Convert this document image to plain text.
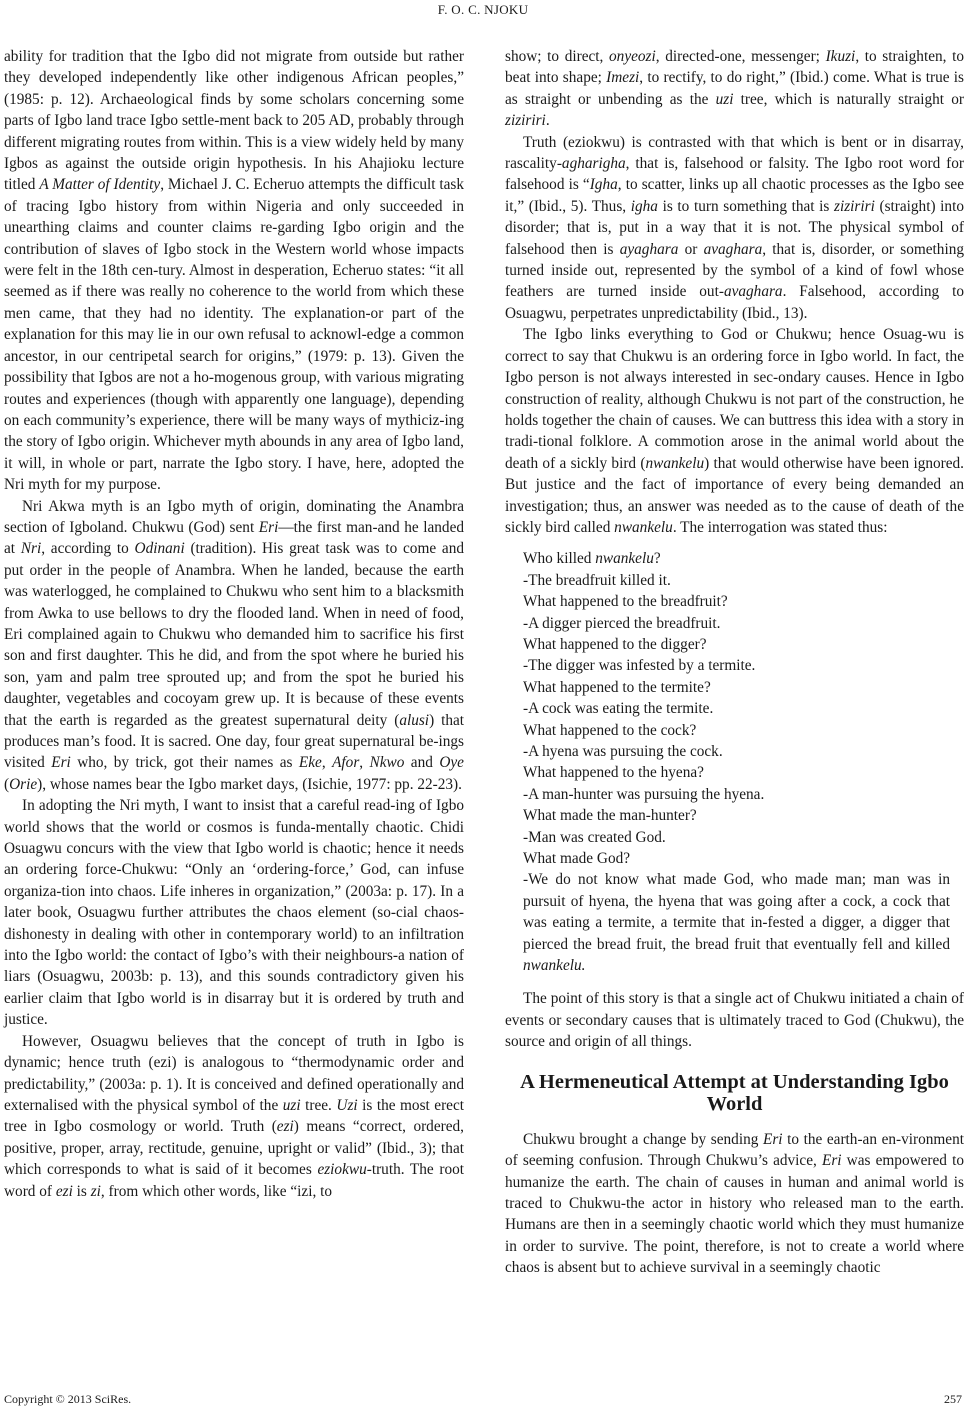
F. O. C. NJOKU

ability for tradition that the Igbo did not migrate from outside but rather they developed independently like other indigenous African peoples,” (1985: p. 12). Archaeological finds by some scholars concerning some parts of Igbo land trace Igbo settle-ment back to 205 AD, probably through different migrating routes from within. This is a view widely held by many Igbos as against the outside origin hypothesis. In his Ahajioku lecture titled A Matter of Identity, Michael J. C. Echeruo attempts the difficult task of tracing Igbo history from within Nigeria and only succeeded in unearthing claims and counter claims re-garding Igbo origin and the contribution of slaves of Igbo stock in the Western world whose impacts were felt in the 18th cen-tury. Almost in desperation, Echeruo states: “it all seemed as if there was really no coherence to the world from which these men came, that they had no identity. The explanation-or part of the explanation for this may lie in our own refusal to acknowl-edge a common ancestor, in our centripetal search for origins,” (1979: p. 13). Given the possibility that Igbos are not a ho-mogenous group, with various migrating routes and experiences (though with apparently one language), depending on each community’s experience, there will be many ways of mythiciz-ing the story of Igbo origin. Whichever myth abounds in any area of Igbo land, it will, in whole or part, narrate the Igbo story. I have, here, adopted the Nri myth for my purpose.

Nri Akwa myth is an Igbo myth of origin, dominating the Anambra section of Igboland. Chukwu (God) sent Eri—the first man-and he landed at Nri, according to Odinani (tradition). His great task was to come and put order in the people of Anambra. When he landed, because the earth was waterlogged, he complained to Chukwu who sent him to a blacksmith from Awka to use bellows to dry the flooded land. When in need of food, Eri complained again to Chukwu who demanded him to sacrifice his first son and first daughter. This he did, and from the spot where he buried his son, yam and palm tree sprouted up; and from the spot he buried his daughter, vegetables and cocoyam grew up. It is because of these events that the earth is regarded as the greatest supernatural deity (alusi) that produces man’s food. It is sacred. One day, four great supernatural be-ings visited Eri who, by trick, got their names as Eke, Afor, Nkwo and Oye (Orie), whose names bear the Igbo market days, (Isichie, 1977: pp. 22-23).

In adopting the Nri myth, I want to insist that a careful read-ing of Igbo world shows that the world or cosmos is funda-mentally chaotic. Chidi Osuagwu concurs with the view that Igbo world is chaotic; hence it needs an ordering force-Chukwu: “Only an ‘ordering-force,’ God, can infuse organiza-tion into chaos. Life inheres in organization,” (2003a: p. 17). In a later book, Osuagwu further attributes the chaos element (so-cial chaos-dishonesty in dealing with other in contemporary world) to an infiltration into the Igbo world: the contact of Igbo’s with their neighbours-a nation of liars (Osuagwu, 2003b: p. 13), and this sounds contradictory given his earlier claim that Igbo world is in disarray but it is ordered by truth and justice.

However, Osuagwu believes that the concept of truth in Igbo is dynamic; hence truth (ezi) is analogous to “thermodynamic order and predictability,” (2003a: p. 1). It is conceived and defined operationally and externalised with the physical symbol of the uzi tree. Uzi is the most erect tree in Igbo cosmology or world. Truth (ezi) means “correct, ordered, positive, proper, array, rectitude, genuine, upright or valid” (Ibid., 3); that which corresponds to what is said of it becomes eziokwu-truth. The root word of ezi is zi, from which other words, like “izi, to

show; to direct, onyeozi, directed-one, messenger; Ikuzi, to straighten, to beat into shape; Imezi, to rectify, to do right,” (Ibid.) come. What is true is as straight or unbending as the uzi tree, which is naturally straight or ziziriri.

Truth (eziokwu) is contrasted with that which is bent or in disarray, rascality-agharigha, that is, falsehood or falsity. The Igbo root word for falsehood is “Igha, to scatter, links up all chaotic processes as the Igbo see it,” (Ibid., 5). Thus, igha is to turn something that is ziziriri (straight) into disorder; that is, put in a way that it is not. The physical symbol of falsehood then is ayaghara or avaghara, that is, disorder, or something turned inside out, represented by the symbol of a kind of fowl whose feathers are turned inside out-avaghara. Falsehood, according to Osuagwu, perpetrates unpredictability (Ibid., 13).

The Igbo links everything to God or Chukwu; hence Osuag-wu is correct to say that Chukwu is an ordering force in Igbo world. In fact, the Igbo person is not always interested in sec-ondary causes. Hence in Igbo construction of reality, although Chukwu is not part of the construction, he holds together the chain of causes. We can buttress this idea with a story in tradi-tional folklore. A commotion arose in the animal world about the death of a sickly bird (nwankelu) that would otherwise have been ignored. But justice and the fact of importance of every being demanded an investigation; thus, an answer was needed as to the cause of death of the sickly bird called nwankelu. The interrogation was stated thus:

Who killed nwankelu?

-The breadfruit killed it.

What happened to the breadfruit?

-A digger pierced the breadfruit.

What happened to the digger?

-The digger was infested by a termite.

What happened to the termite?

-A cock was eating the termite.

What happened to the cock?

-A hyena was pursuing the cock.

What happened to the hyena?

-A man-hunter was pursuing the hyena.

What made the man-hunter?

-Man was created God.

What made God?

-We do not know what made God, who made man; man was in pursuit of hyena, the hyena that was going after a cock, a cock that was eating a termite, a termite that in-fested a digger, a digger that pierced the bread fruit, the bread fruit that eventually fell and killed nwankelu.

The point of this story is that a single act of Chukwu initiated a chain of events or secondary causes that is ultimately traced to God (Chukwu), the source and origin of all things.

A Hermeneutical Attempt at Understanding Igbo World

Chukwu brought a change by sending Eri to the earth-an en-vironment of seeming confusion. Through Chukwu’s advice, Eri was empowered to humanize the earth. The chain of causes in human and animal world is traced to Chukwu-the actor in history who released man to the earth. Humans are then in a seemingly chaotic world which they must humanize in order to survive. The point, therefore, is not to create a world where chaos is absent but to achieve survival in a seemingly chaotic

Copyright © 2013 SciRes.	257
